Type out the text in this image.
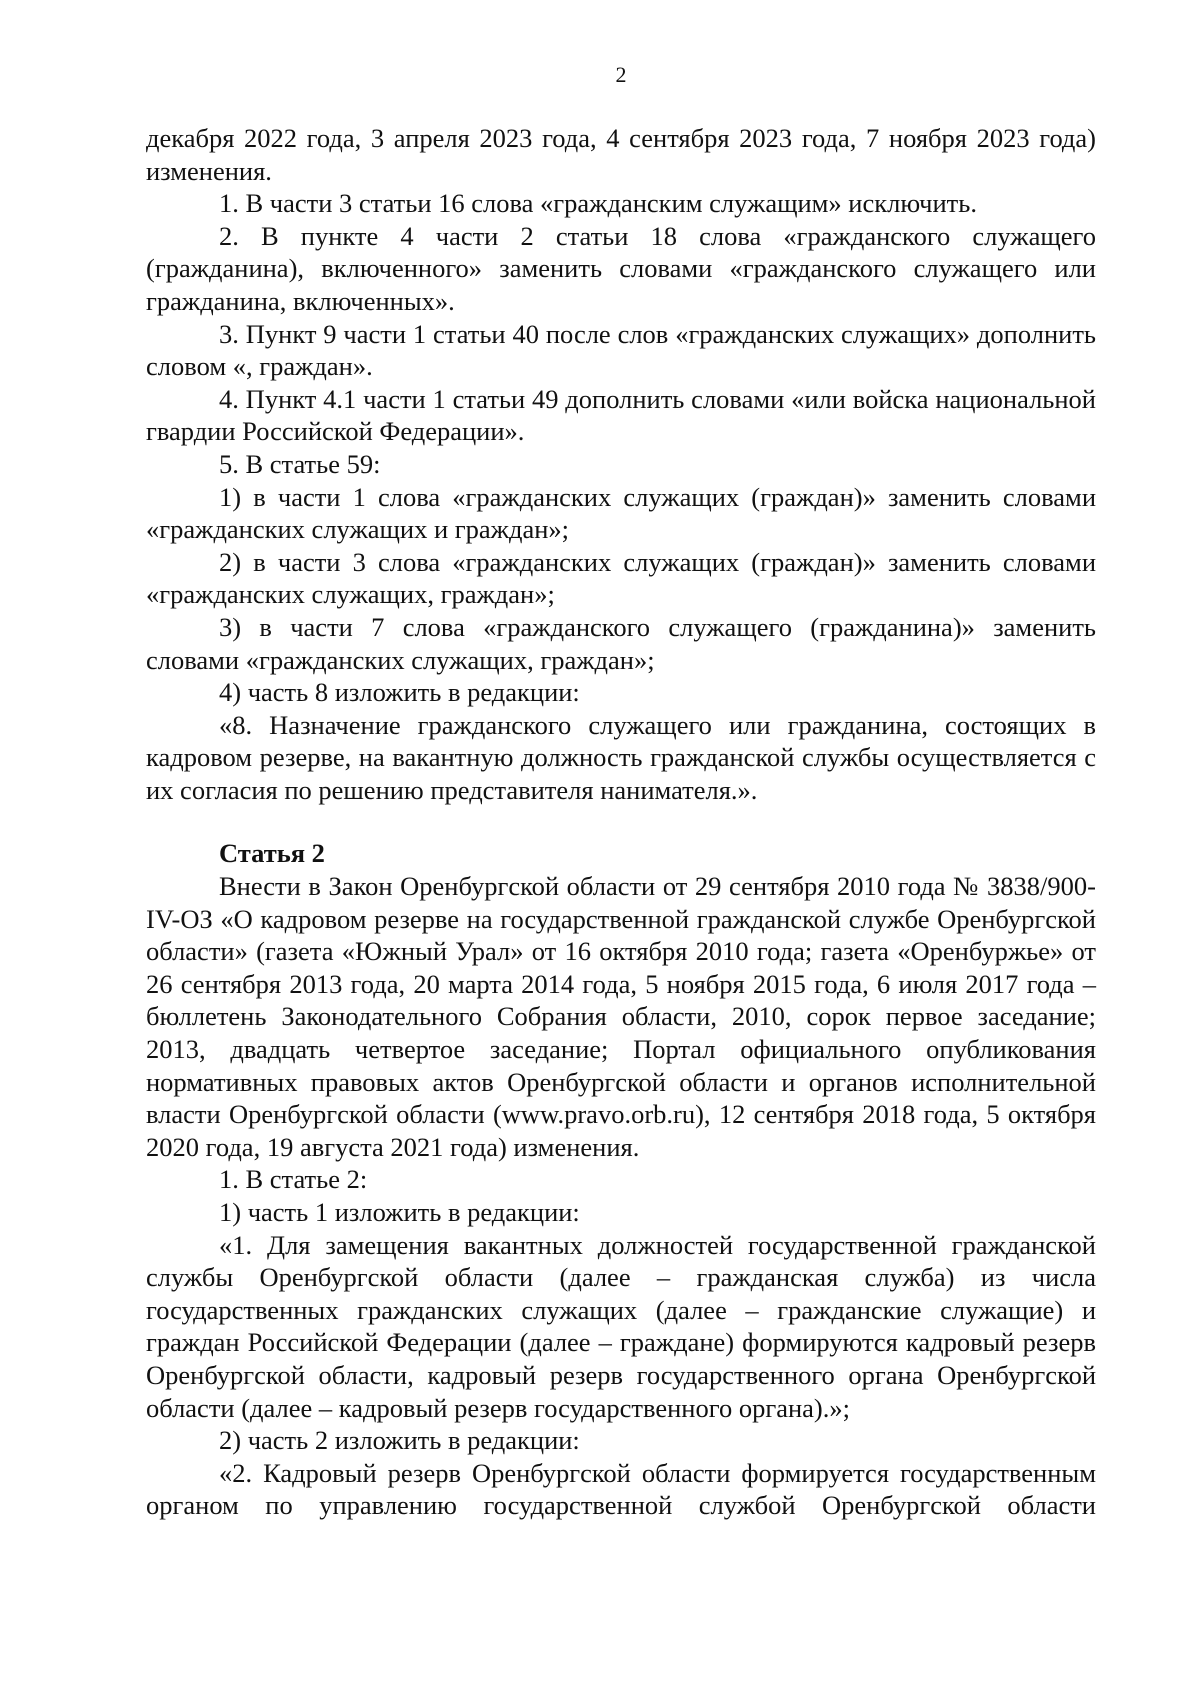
2
декабря 2022 года, 3 апреля 2023 года, 4 сентября 2023 года, 7 ноября 2023 года) изменения.
1. В части 3 статьи 16 слова «гражданским служащим» исключить.
2. В пункте 4 части 2 статьи 18 слова «гражданского служащего (гражданина), включенного» заменить словами «гражданского служащего или гражданина, включенных».
3. Пункт 9 части 1 статьи 40 после слов «гражданских служащих» дополнить словом «, граждан».
4. Пункт 4.1 части 1 статьи 49 дополнить словами «или войска национальной гвардии Российской Федерации».
5. В статье 59:
1) в части 1 слова «гражданских служащих (граждан)» заменить словами «гражданских служащих и граждан»;
2) в части 3 слова «гражданских служащих (граждан)» заменить словами «гражданских служащих, граждан»;
3) в части 7 слова «гражданского служащего (гражданина)» заменить словами «гражданских служащих, граждан»;
4) часть 8 изложить в редакции:
«8. Назначение гражданского служащего или гражданина, состоящих в кадровом резерве, на вакантную должность гражданской службы осуществляется с их согласия по решению представителя нанимателя.».
Статья 2
Внести в Закон Оренбургской области от 29 сентября 2010 года № 3838/900-IV-ОЗ «О кадровом резерве на государственной гражданской службе Оренбургской области» (газета «Южный Урал» от 16 октября 2010 года; газета «Оренбуржье» от 26 сентября 2013 года, 20 марта 2014 года, 5 ноября 2015 года, 6 июля 2017 года – бюллетень Законодательного Собрания области, 2010, сорок первое заседание; 2013, двадцать четвертое заседание; Портал официального опубликования нормативных правовых актов Оренбургской области и органов исполнительной власти Оренбургской области (www.pravo.orb.ru), 12 сентября 2018 года, 5 октября 2020 года, 19 августа 2021 года) изменения.
1. В статье 2:
1) часть 1 изложить в редакции:
«1. Для замещения вакантных должностей государственной гражданской службы Оренбургской области (далее – гражданская служба) из числа государственных гражданских служащих (далее – гражданские служащие) и граждан Российской Федерации (далее – граждане) формируются кадровый резерв Оренбургской области, кадровый резерв государственного органа Оренбургской области (далее – кадровый резерв государственного органа).»;
2) часть 2 изложить в редакции:
«2. Кадровый резерв Оренбургской области формируется государственным органом по управлению государственной службой Оренбургской области
